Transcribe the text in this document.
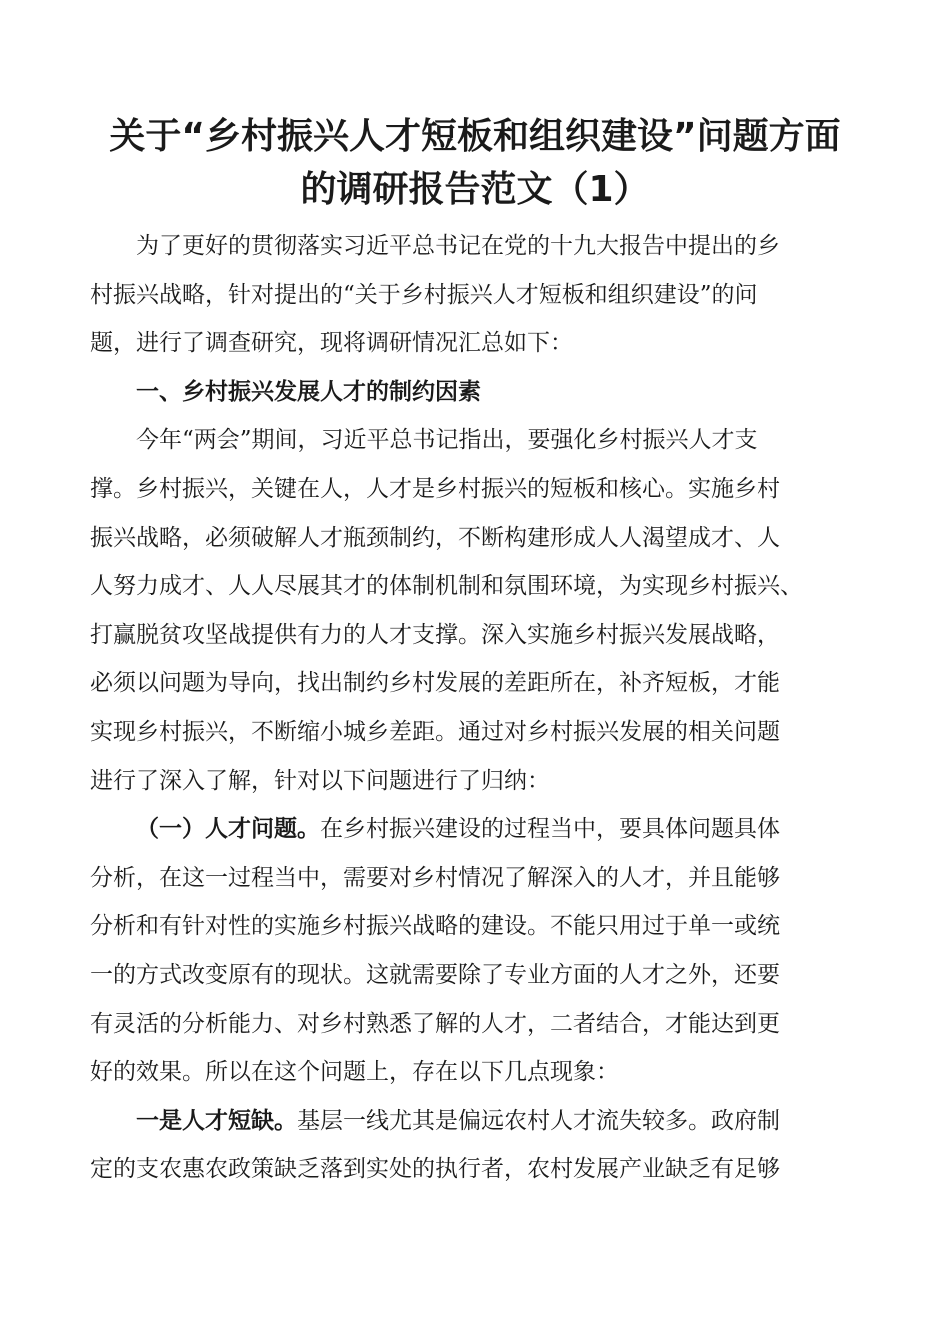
关于“乡村振兴人才短板和组织建设”问题方面
的调研报告范文（1）
为了更好的贯彻落实习近平总书记在党的十九大报告中提出的乡
村振兴战略，针对提出的“关于乡村振兴人才短板和组织建设”的问
题，进行了调查研究，现将调研情况汇总如下：
一、乡村振兴发展人才的制约因素
今年“两会”期间，习近平总书记指出，要强化乡村振兴人才支
撑。乡村振兴，关键在人，人才是乡村振兴的短板和核心。实施乡村
振兴战略，必须破解人才瓶颈制约，不断构建形成人人渴望成才、人
人努力成才、人人尽展其才的体制机制和氛围环境，为实现乡村振兴、
打赢脱贫攻坚战提供有力的人才支撑。深入实施乡村振兴发展战略，
必须以问题为导向，找出制约乡村发展的差距所在，补齐短板，才能
实现乡村振兴，不断缩小城乡差距。通过对乡村振兴发展的相关问题
进行了深入了解，针对以下问题进行了归纳：
（一）人才问题。在乡村振兴建设的过程当中，要具体问题具体
分析，在这一过程当中，需要对乡村情况了解深入的人才，并且能够
分析和有针对性的实施乡村振兴战略的建设。不能只用过于单一或统
一的方式改变原有的现状。这就需要除了专业方面的人才之外，还要
有灵活的分析能力、对乡村熟悉了解的人才，二者结合，才能达到更
好的效果。所以在这个问题上，存在以下几点现象：
一是人才短缺。基层一线尤其是偏远农村人才流失较多。政府制
定的支农惠农政策缺乏落到实处的执行者，农村发展产业缺乏有足够
